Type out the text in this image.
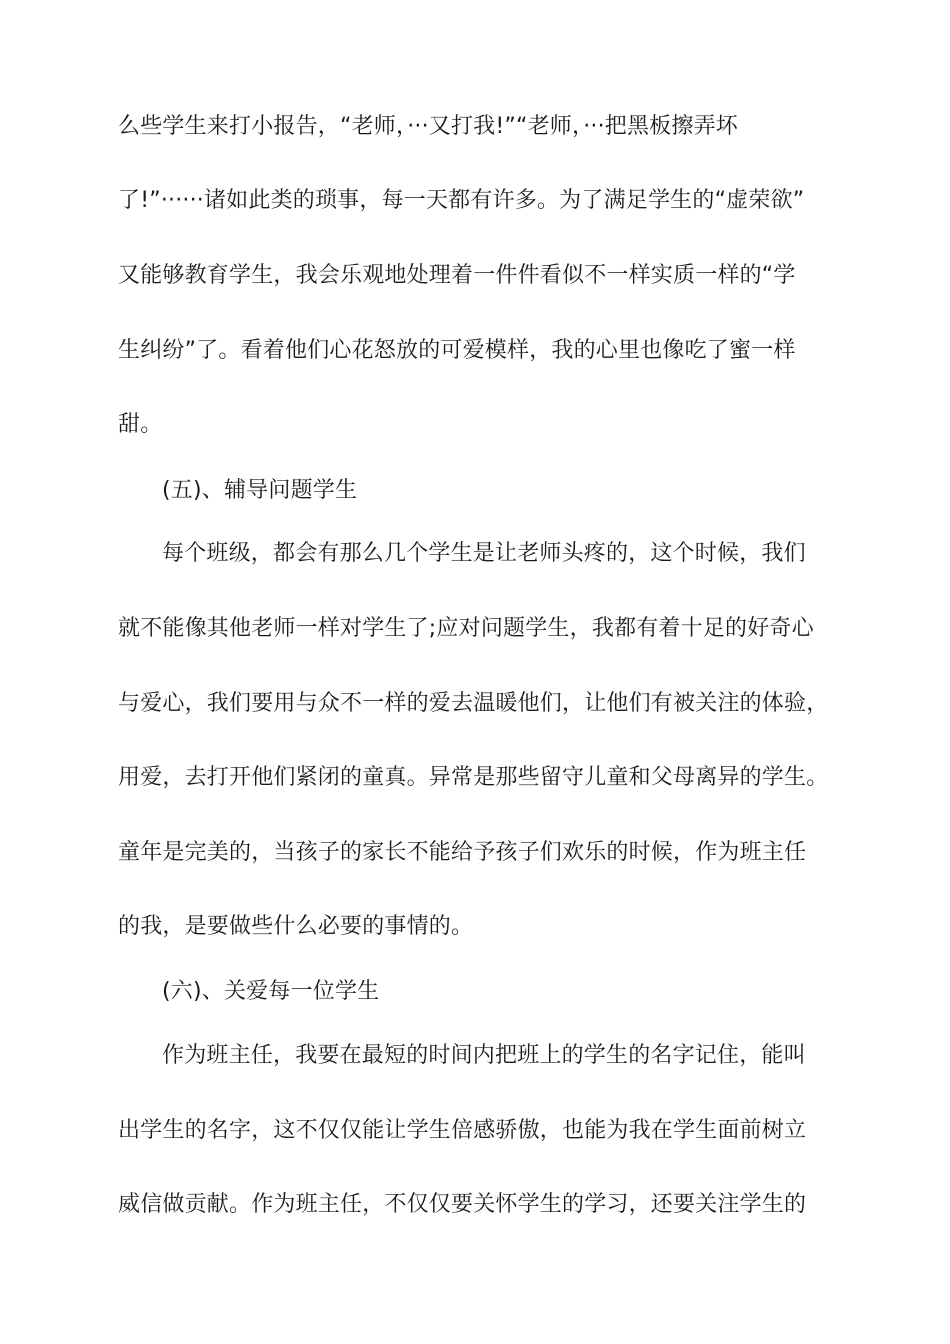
么些学生来打小报告，“老师，···又打我!”“老师，···把黑板擦弄坏
了!”······诸如此类的琐事，每一天都有许多。为了满足学生的“虚荣欲”
又能够教育学生，我会乐观地处理着一件件看似不一样实质一样的“学
生纠纷”了。看着他们心花怒放的可爱模样，我的心里也像吃了蜜一样
甜。
(五)、辅导问题学生
每个班级，都会有那么几个学生是让老师头疼的，这个时候，我们
就不能像其他老师一样对学生了;应对问题学生，我都有着十足的好奇心
与爱心，我们要用与众不一样的爱去温暖他们，让他们有被关注的体验，
用爱，去打开他们紧闭的童真。异常是那些留守儿童和父母离异的学生。
童年是完美的，当孩子的家长不能给予孩子们欢乐的时候，作为班主任
的我，是要做些什么必要的事情的。
(六)、关爱每一位学生
作为班主任，我要在最短的时间内把班上的学生的名字记住，能叫
出学生的名字，这不仅仅能让学生倍感骄傲，也能为我在学生面前树立
威信做贡献。作为班主任，不仅仅要关怀学生的学习，还要关注学生的
